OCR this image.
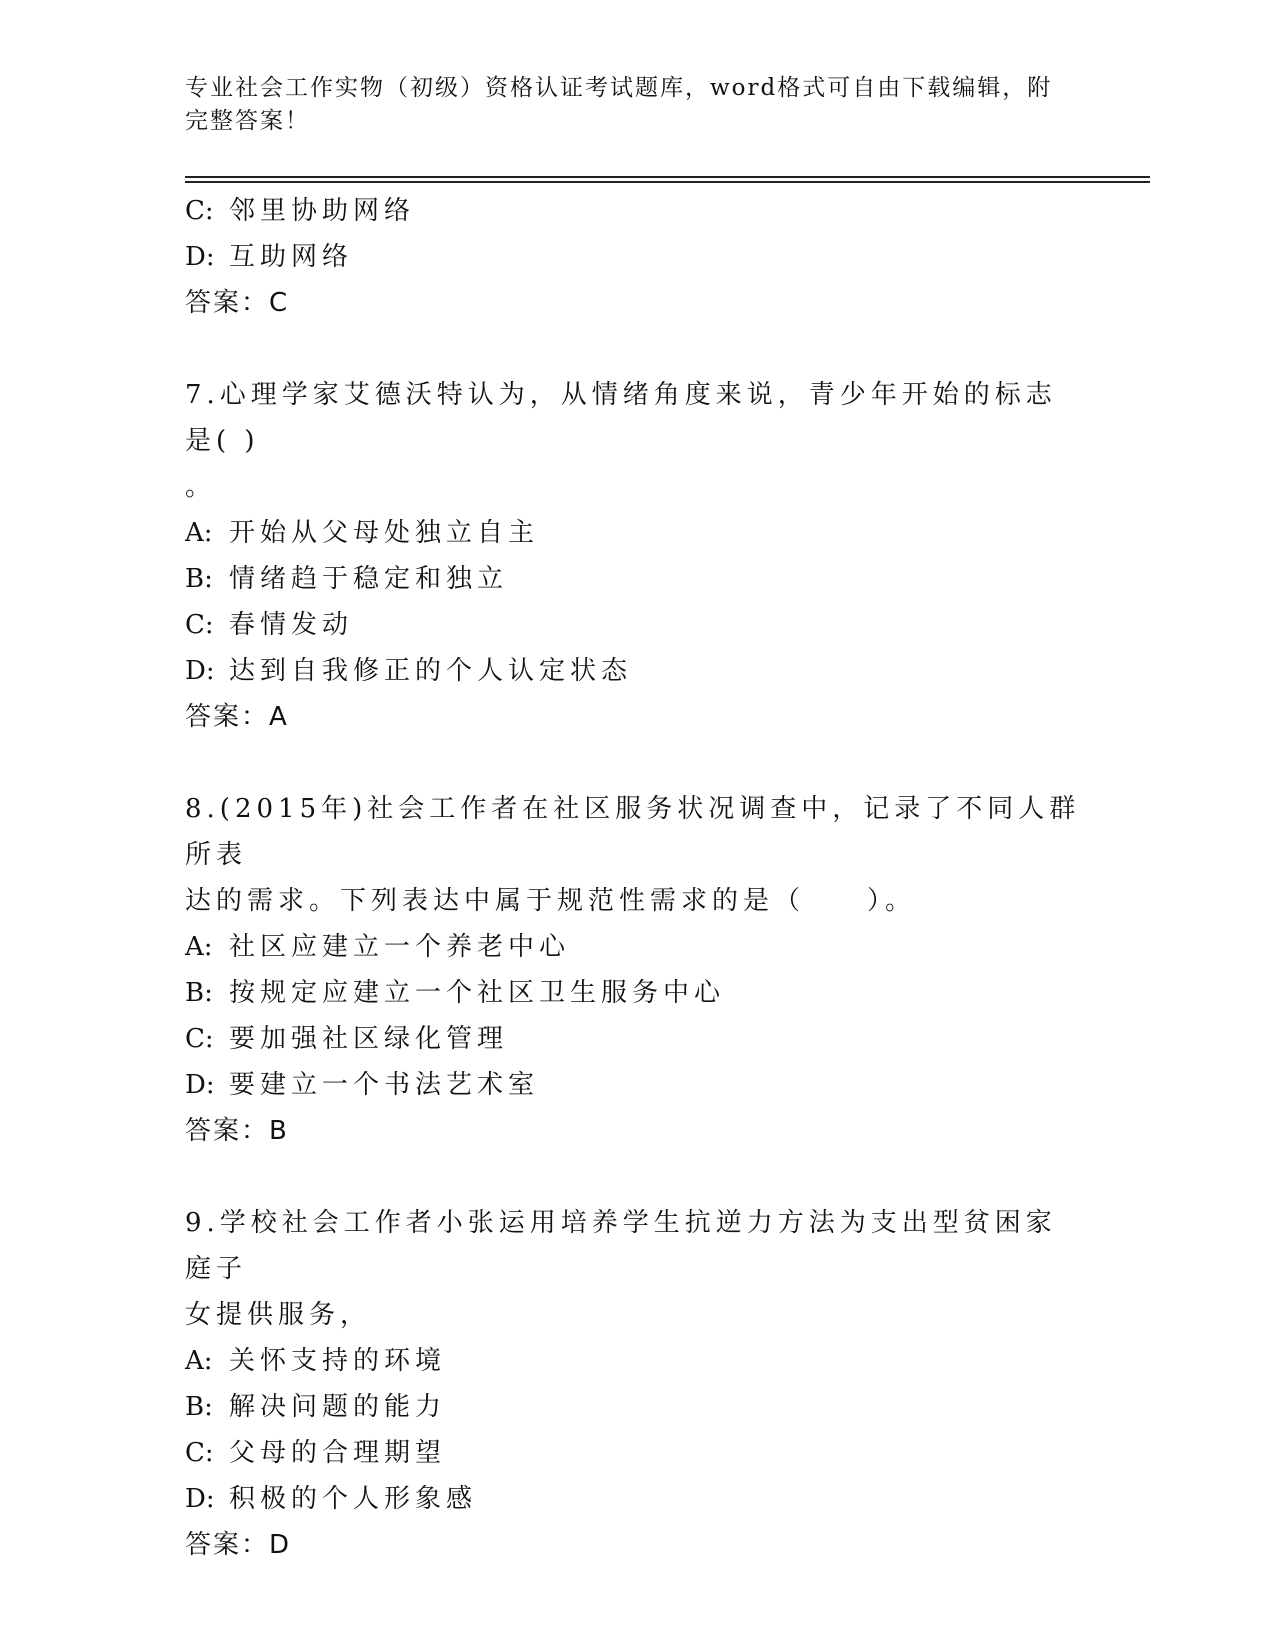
专业社会工作实物（初级）资格认证考试题库，word格式可自由下载编辑，附完整答案！
C: 邻里协助网络
D: 互助网络
答案：C
7.心理学家艾德沃特认为，从情绪角度来说，青少年开始的标志是( )
。
A: 开始从父母处独立自主
B: 情绪趋于稳定和独立
C: 春情发动
D: 达到自我修正的个人认定状态
答案：A
8.(2015年)社会工作者在社区服务状况调查中，记录了不同人群所表
达的需求。下列表达中属于规范性需求的是（　　）。
A: 社区应建立一个养老中心
B: 按规定应建立一个社区卫生服务中心
C: 要加强社区绿化管理
D: 要建立一个书法艺术室
答案：B
9.学校社会工作者小张运用培养学生抗逆力方法为支出型贫困家庭子
女提供服务，
A: 关怀支持的环境
B: 解决问题的能力
C: 父母的合理期望
D: 积极的个人形象感
答案：D
